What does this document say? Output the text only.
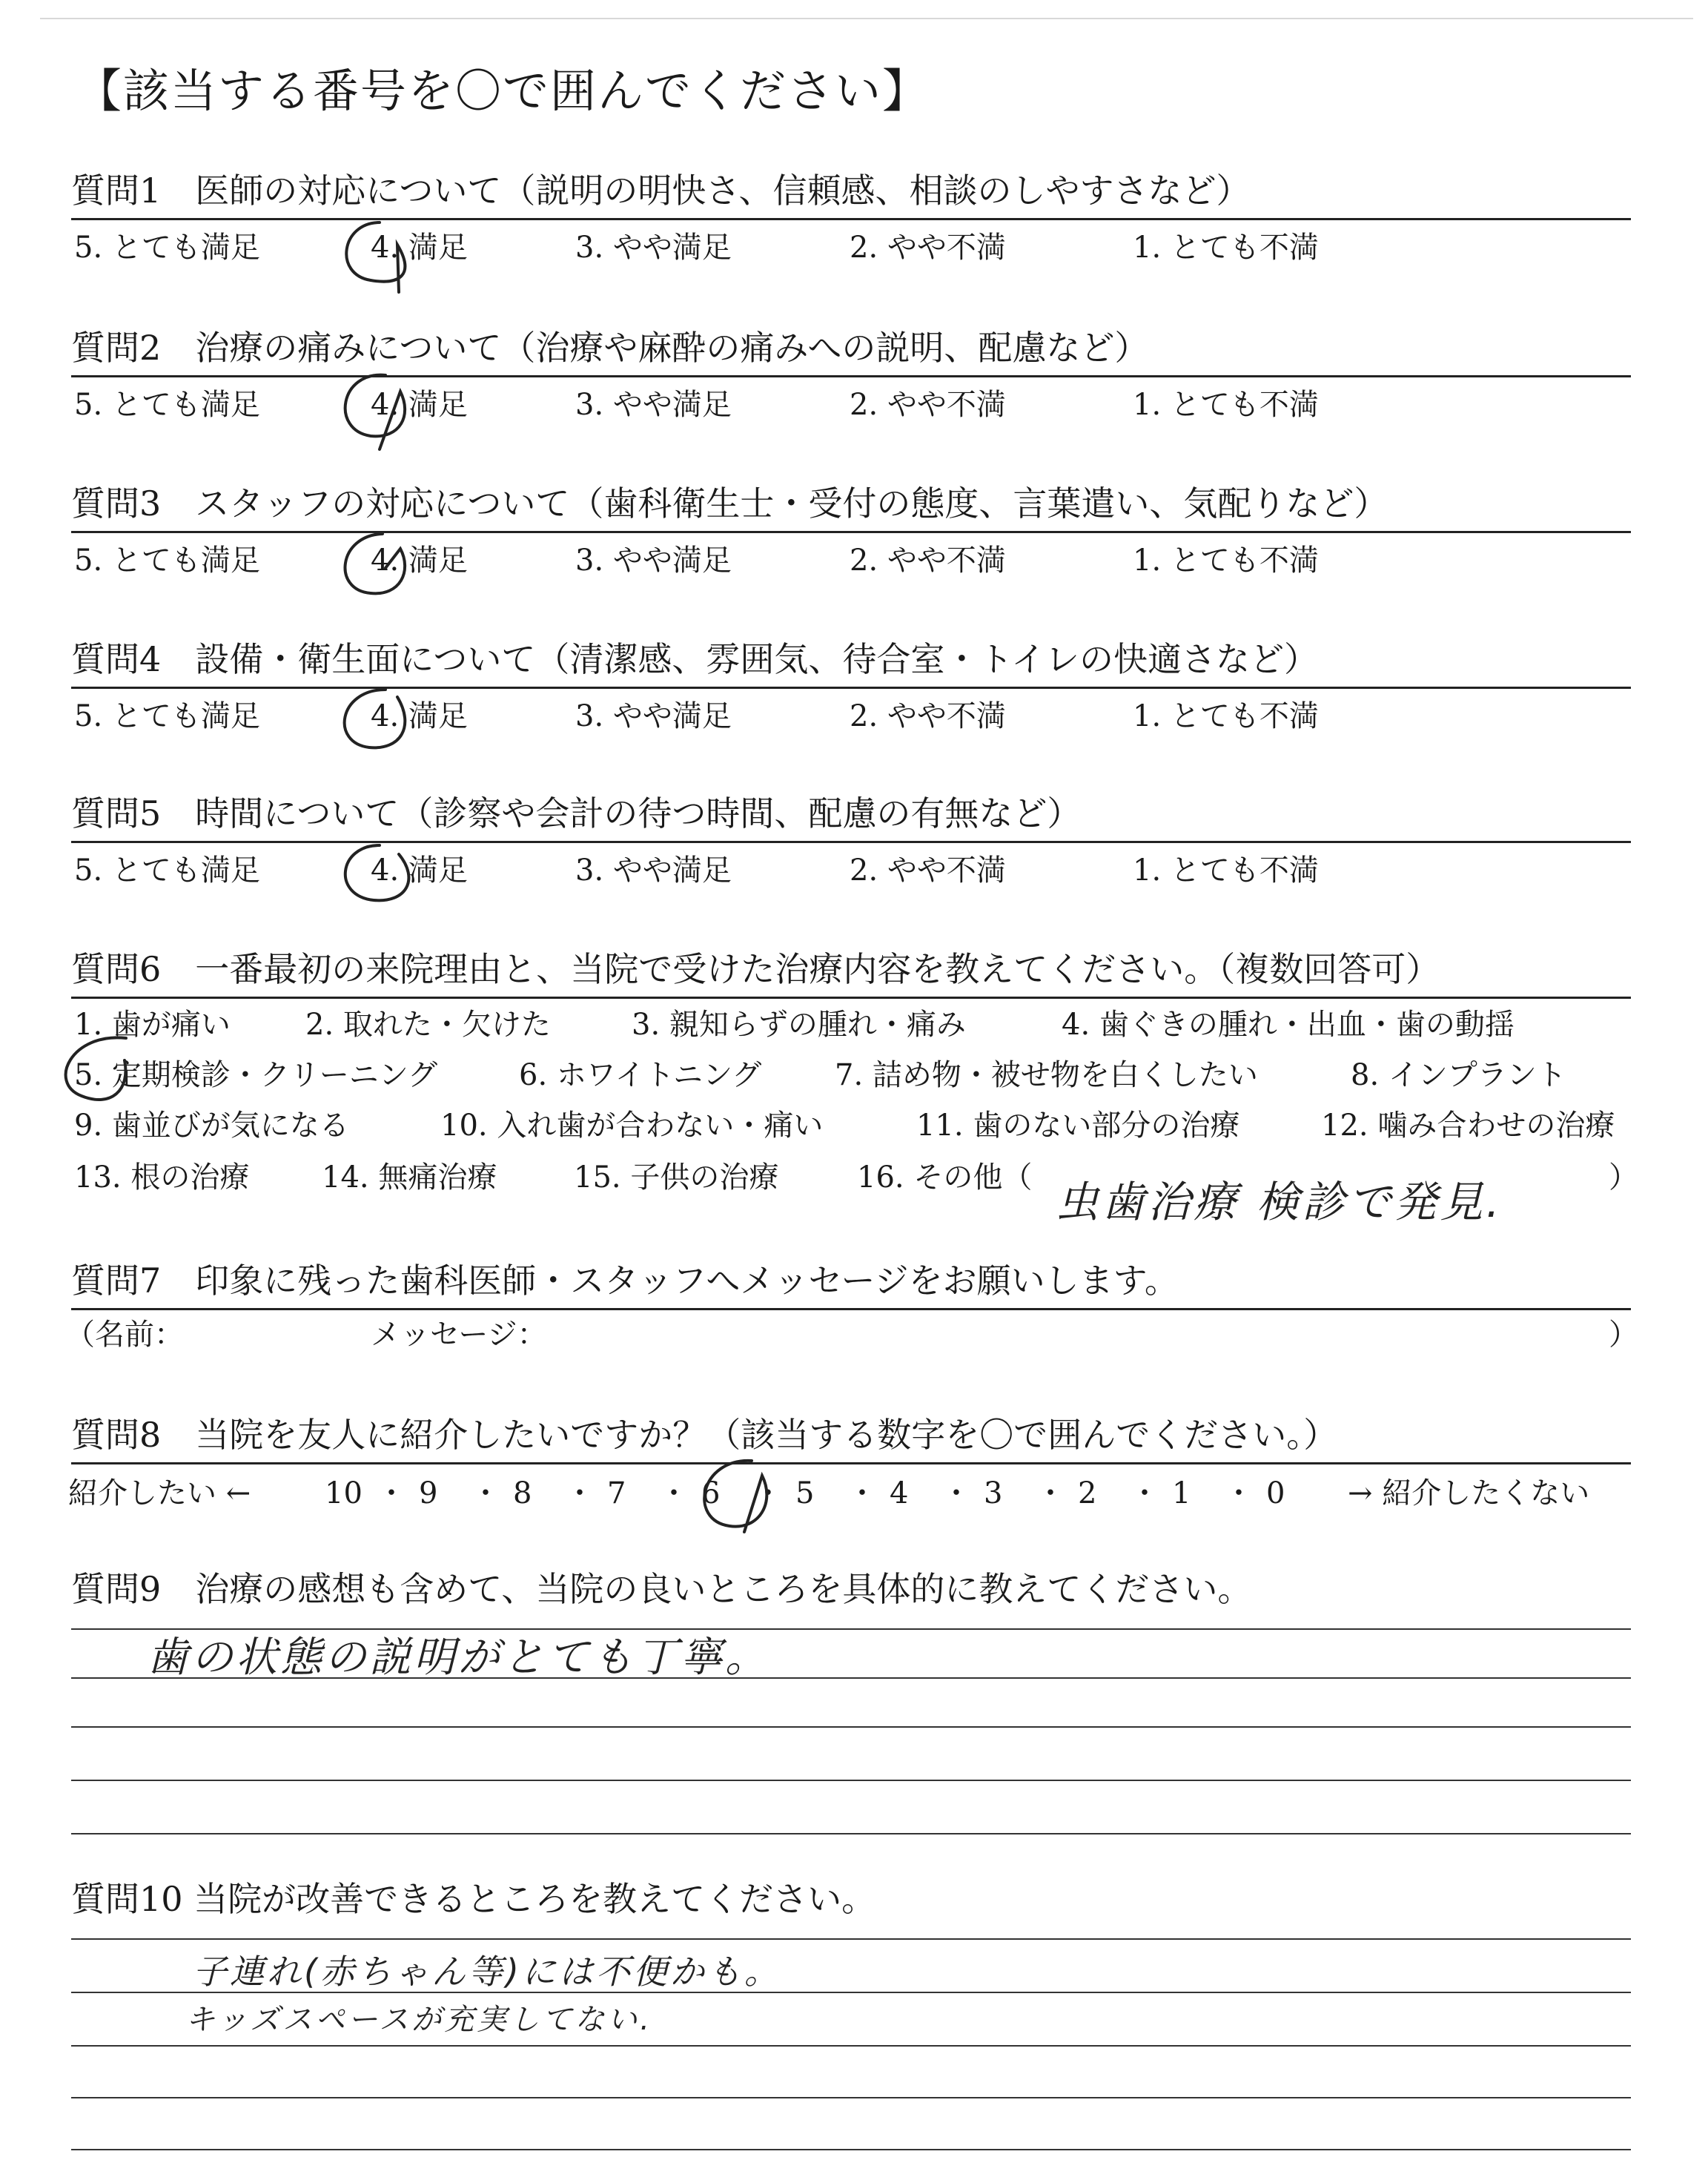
【該当する番号を〇で囲んでください】
質問1　医師の対応について（説明の明快さ、信頼感、相談のしやすさなど）
5. とても満足	4. 満足	3. やや満足	2. やや不満	1. とても不満
質問2　治療の痛みについて（治療や麻酔の痛みへの説明、配慮など）
5. とても満足	4. 満足	3. やや満足	2. やや不満	1. とても不満
質問3　スタッフの対応について（歯科衛生士・受付の態度、言葉遣い、気配りなど）
5. とても満足	4. 満足	3. やや満足	2. やや不満	1. とても不満
質問4　設備・衛生面について（清潔感、雰囲気、待合室・トイレの快適さなど）
5. とても満足	4. 満足	3. やや満足	2. やや不満	1. とても不満
質問5　時間について（診察や会計の待つ時間、配慮の有無など）
5. とても満足	4. 満足	3. やや満足	2. やや不満	1. とても不満
質問6　一番最初の来院理由と、当院で受けた治療内容を教えてください。（複数回答可）
1. 歯が痛い	2. 取れた・欠けた	3. 親知らずの腫れ・痛み	4. 歯ぐきの腫れ・出血・歯の動揺
5. 定期検診・クリーニング	6. ホワイトニング 7. 詰め物・被せ物を白くしたい	8. インプラント
9. 歯並びが気になる	10. 入れ歯が合わない・痛い	11. 歯のない部分の治療	12. 噛み合わせの治療
13. 根の治療 14. 無痛治療	15. 子供の治療	16. その他（	）
虫歯治療 検診で発見.
質問7　印象に残った歯科医師・スタッフへメッセージをお願いします。
（名前：	メッセージ：	）
質問8　当院を友人に紹介したいですか？（該当する数字を〇で囲んでください。）
紹介したい ← 10 ・ 9 ・ 8 ・ 7 ・ 6 ・ 5 ・ 4 ・ 3 ・ 2 ・ 1 ・ 0 → 紹介したくない
質問9　治療の感想も含めて、当院の良いところを具体的に教えてください。
歯の状態の説明がとても丁寧。
質問10 当院が改善できるところを教えてください。
子連れ(赤ちゃん等)には不便かも。
キッズスペースが充実してない.
